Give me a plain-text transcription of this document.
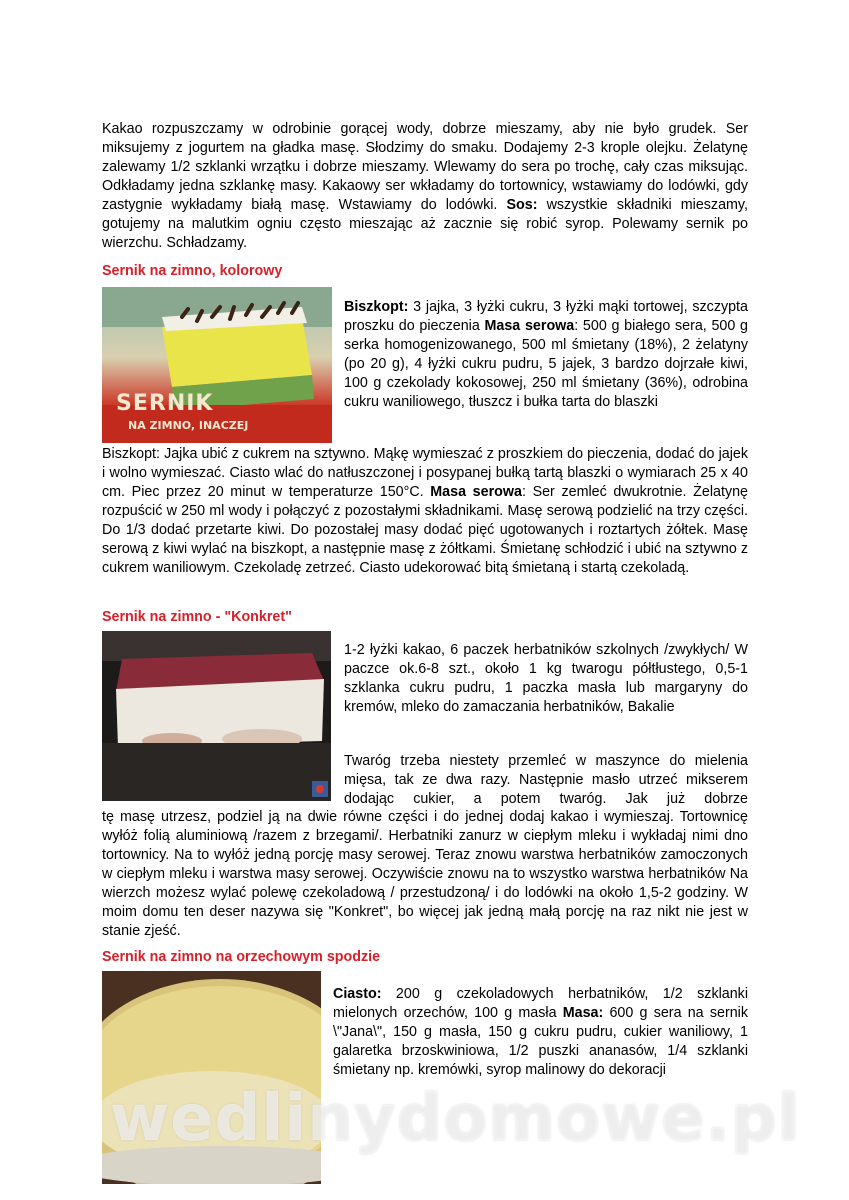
Kakao rozpuszczamy w odrobinie gorącej wody, dobrze mieszamy, aby nie było grudek. Ser miksujemy z jogurtem na gładka masę. Słodzimy do smaku. Dodajemy 2-3 krople olejku. Żelatynę zalewamy 1/2 szklanki wrzątku i dobrze mieszamy. Wlewamy do sera po trochę, cały czas miksując. Odkładamy jedna szklankę masy. Kakaowy ser wkładamy do tortownicy, wstawiamy do lodówki, gdy zastygnie wykładamy białą masę. Wstawiamy do lodówki. Sos: wszystkie składniki mieszamy, gotujemy na malutkim ogniu często mieszając aż zacznie się robić syrop. Polewamy sernik po wierzchu. Schładzamy.

Sernik na zimno, kolorowy
SERNIK
NA ZIMNO, INACZEJ

Biszkopt: 3 jajka, 3 łyżki cukru, 3 łyżki mąki tortowej, szczypta proszku do pieczenia Masa serowa: 500 g białego sera, 500 g serka homogenizowanego, 500 ml śmietany (18%), 2 żelatyny (po 20 g), 4 łyżki cukru pudru, 5 jajek, 3 bardzo dojrzałe kiwi, 100 g czekolady kokosowej, 250 ml śmietany (36%), odrobina cukru waniliowego, tłuszcz i bułka tarta do blaszki

Biszkopt: Jajka ubić z cukrem na sztywno. Mąkę wymieszać z proszkiem do pieczenia, dodać do jajek i wolno wymieszać. Ciasto wlać do natłuszczonej i posypanej bułką tartą blaszki o wymiarach 25 x 40 cm. Piec przez 20 minut w temperaturze 150°C. Masa serowa: Ser zemleć dwukrotnie. Żelatynę rozpuścić w 250 ml wody i połączyć z pozostałymi składnikami. Masę serową podzielić na trzy części. Do 1/3 dodać przetarte kiwi. Do pozostałej masy dodać pięć ugotowanych i roztartych żółtek. Masę serową z kiwi wylać na biszkopt, a następnie masę z żółtkami. Śmietanę schłodzić i ubić na sztywno z cukrem waniliowym. Czekoladę zetrzeć. Ciasto udekorować bitą śmietaną i startą czekoladą.

Sernik na zimno - "Konkret"

1-2 łyżki kakao, 6 paczek herbatników szkolnych /zwykłych/ W paczce ok.6-8 szt., około 1 kg twarogu półtłustego, 0,5-1 szklanka cukru pudru, 1 paczka masła lub margaryny do kremów, mleko do zamaczania herbatników, Bakalie

Twaróg trzeba niestety przemleć w maszynce do mielenia mięsa, tak ze dwa razy. Następnie masło utrzeć mikserem dodając cukier, a potem twaróg. Jak już dobrze

tę masę utrzesz, podziel ją na dwie równe części i do jednej dodaj kakao i wymieszaj. Tortownicę wyłóż folią aluminiową /razem z brzegami/. Herbatniki zanurz w ciepłym mleku i wykładaj nimi dno tortownicy. Na to wyłóż jedną porcję masy serowej. Teraz znowu warstwa herbatników zamoczonych w ciepłym mleku i warstwa masy serowej. Oczywiście znowu na to wszystko warstwa herbatników Na wierzch możesz wylać polewę czekoladową / przestudzoną/ i do lodówki na około 1,5-2 godziny. W moim domu ten deser nazywa się "Konkret", bo więcej jak jedną małą porcję na raz nikt nie jest w stanie zjeść.

Sernik na zimno na orzechowym spodzie

Ciasto: 200 g czekoladowych herbatników, 1/2 szklanki mielonych orzechów, 100 g masła Masa: 600 g sera na sernik \"Jana\", 150 g masła, 150 g cukru pudru, cukier waniliowy, 1 galaretka brzoskwiniowa, 1/2 puszki ananasów, 1/4 szklanki śmietany np. kremówki, syrop malinowy do dekoracji

wedlinydomowe.pl
